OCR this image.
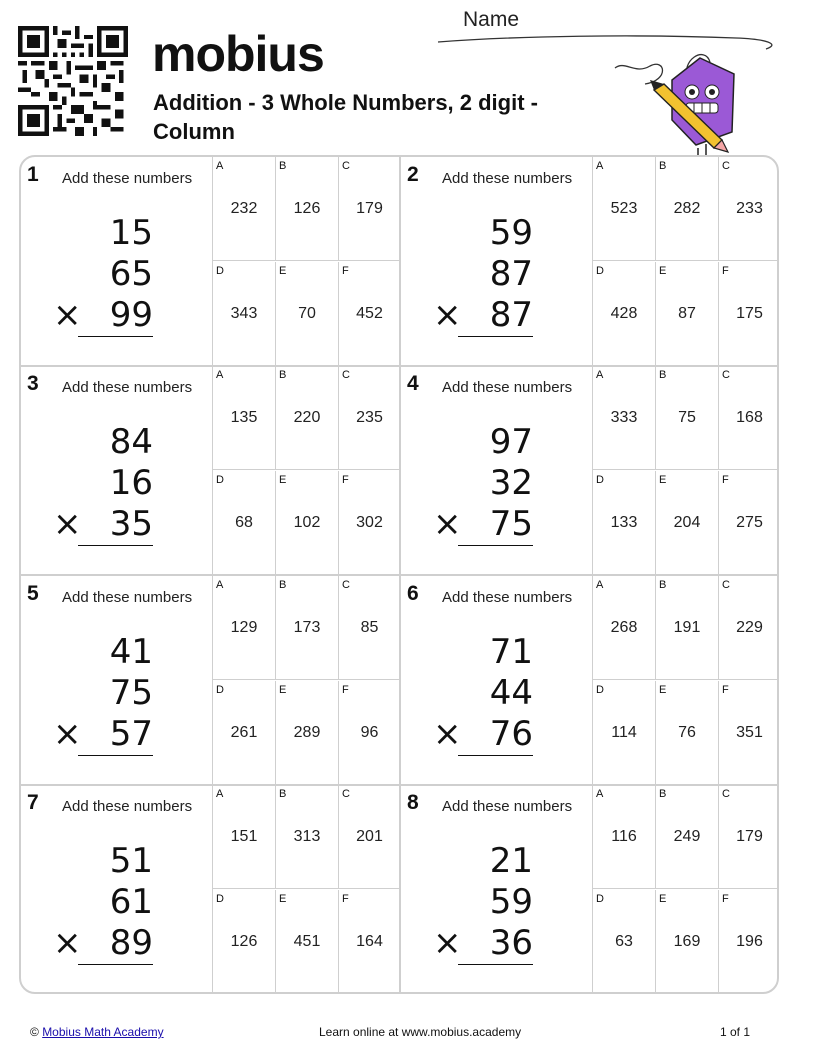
mobius
Addition - 3 Whole Numbers, 2 digit - Column
Name
1 Add these numbers
15
65
× 99
A
232
B
126
C
179
D
343
E
70
F
452
2 Add these numbers
59
87
× 87
A
523
B
282
C
233
D
428
E
87
F
175
3 Add these numbers
84
16
× 35
A
135
B
220
C
235
D
68
E
102
F
302
4 Add these numbers
97
32
× 75
A
333
B
75
C
168
D
133
E
204
F
275
5 Add these numbers
41
75
× 57
A
129
B
173
C
85
D
261
E
289
F
96
6 Add these numbers
71
44
× 76
A
268
B
191
C
229
D
114
E
76
F
351
7 Add these numbers
51
61
× 89
A
151
B
313
C
201
D
126
E
451
F
164
8 Add these numbers
21
59
× 36
A
116
B
249
C
179
D
63
E
169
F
196
© Mobius Math Academy	Learn online at www.mobius.academy	1 of 1
